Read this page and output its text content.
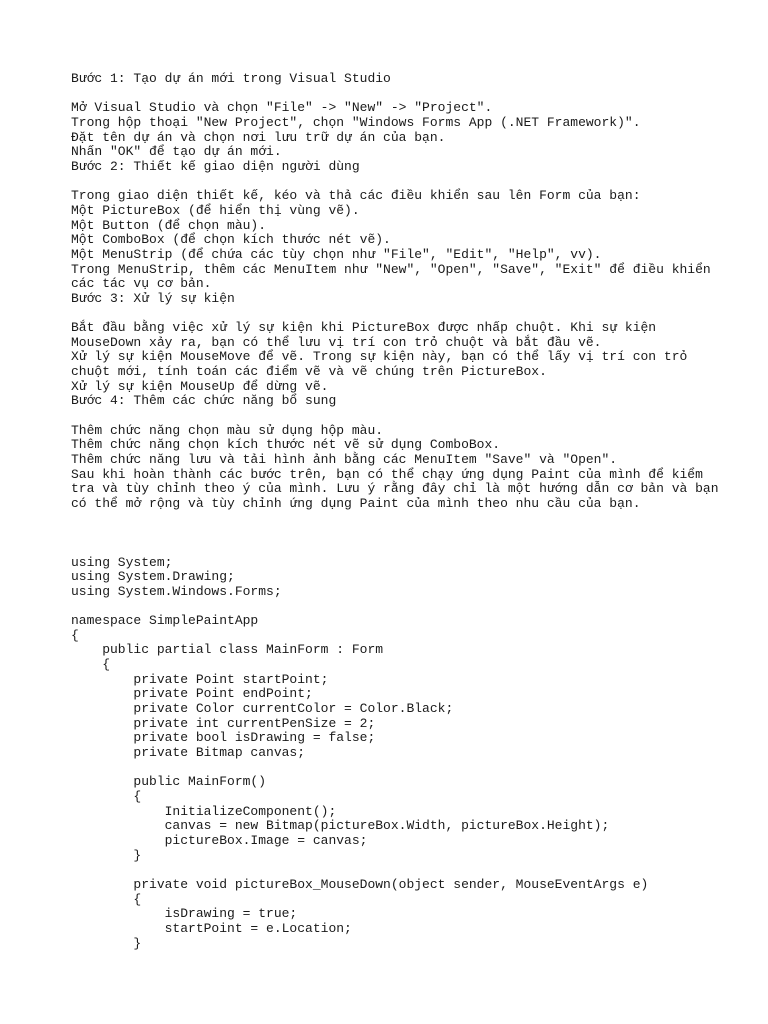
Bước 1: Tạo dự án mới trong Visual Studio
Mở Visual Studio và chọn "File" -> "New" -> "Project".
Trong hộp thoại "New Project", chọn "Windows Forms App (.NET Framework)".
Đặt tên dự án và chọn nơi lưu trữ dự án của bạn.
Nhấn "OK" để tạo dự án mới.
Bước 2: Thiết kế giao diện người dùng
Trong giao diện thiết kế, kéo và thả các điều khiển sau lên Form của bạn:
Một PictureBox (để hiển thị vùng vẽ).
Một Button (để chọn màu).
Một ComboBox (để chọn kích thước nét vẽ).
Một MenuStrip (để chứa các tùy chọn như "File", "Edit", "Help", vv).
Trong MenuStrip, thêm các MenuItem như "New", "Open", "Save", "Exit" để điều khiển
các tác vụ cơ bản.
Bước 3: Xử lý sự kiện
Bắt đầu bằng việc xử lý sự kiện khi PictureBox được nhấp chuột. Khi sự kiện
MouseDown xảy ra, bạn có thể lưu vị trí con trỏ chuột và bắt đầu vẽ.
Xử lý sự kiện MouseMove để vẽ. Trong sự kiện này, bạn có thể lấy vị trí con trỏ
chuột mới, tính toán các điểm vẽ và vẽ chúng trên PictureBox.
Xử lý sự kiện MouseUp để dừng vẽ.
Bước 4: Thêm các chức năng bổ sung
Thêm chức năng chọn màu sử dụng hộp màu.
Thêm chức năng chọn kích thước nét vẽ sử dụng ComboBox.
Thêm chức năng lưu và tải hình ảnh bằng các MenuItem "Save" và "Open".
Sau khi hoàn thành các bước trên, bạn có thể chạy ứng dụng Paint của mình để kiểm
tra và tùy chỉnh theo ý của mình. Lưu ý rằng đây chỉ là một hướng dẫn cơ bản và bạn
có thể mở rộng và tùy chỉnh ứng dụng Paint của mình theo nhu cầu của bạn.
using System;
using System.Drawing;
using System.Windows.Forms;
namespace SimplePaintApp
{
public partial class MainForm : Form
{
private Point startPoint;
private Point endPoint;
private Color currentColor = Color.Black;
private int currentPenSize = 2;
private bool isDrawing = false;
private Bitmap canvas;
public MainForm()
{
InitializeComponent();
canvas = new Bitmap(pictureBox.Width, pictureBox.Height);
pictureBox.Image = canvas;
}
private void pictureBox_MouseDown(object sender, MouseEventArgs e)
{
isDrawing = true;
startPoint = e.Location;
}
